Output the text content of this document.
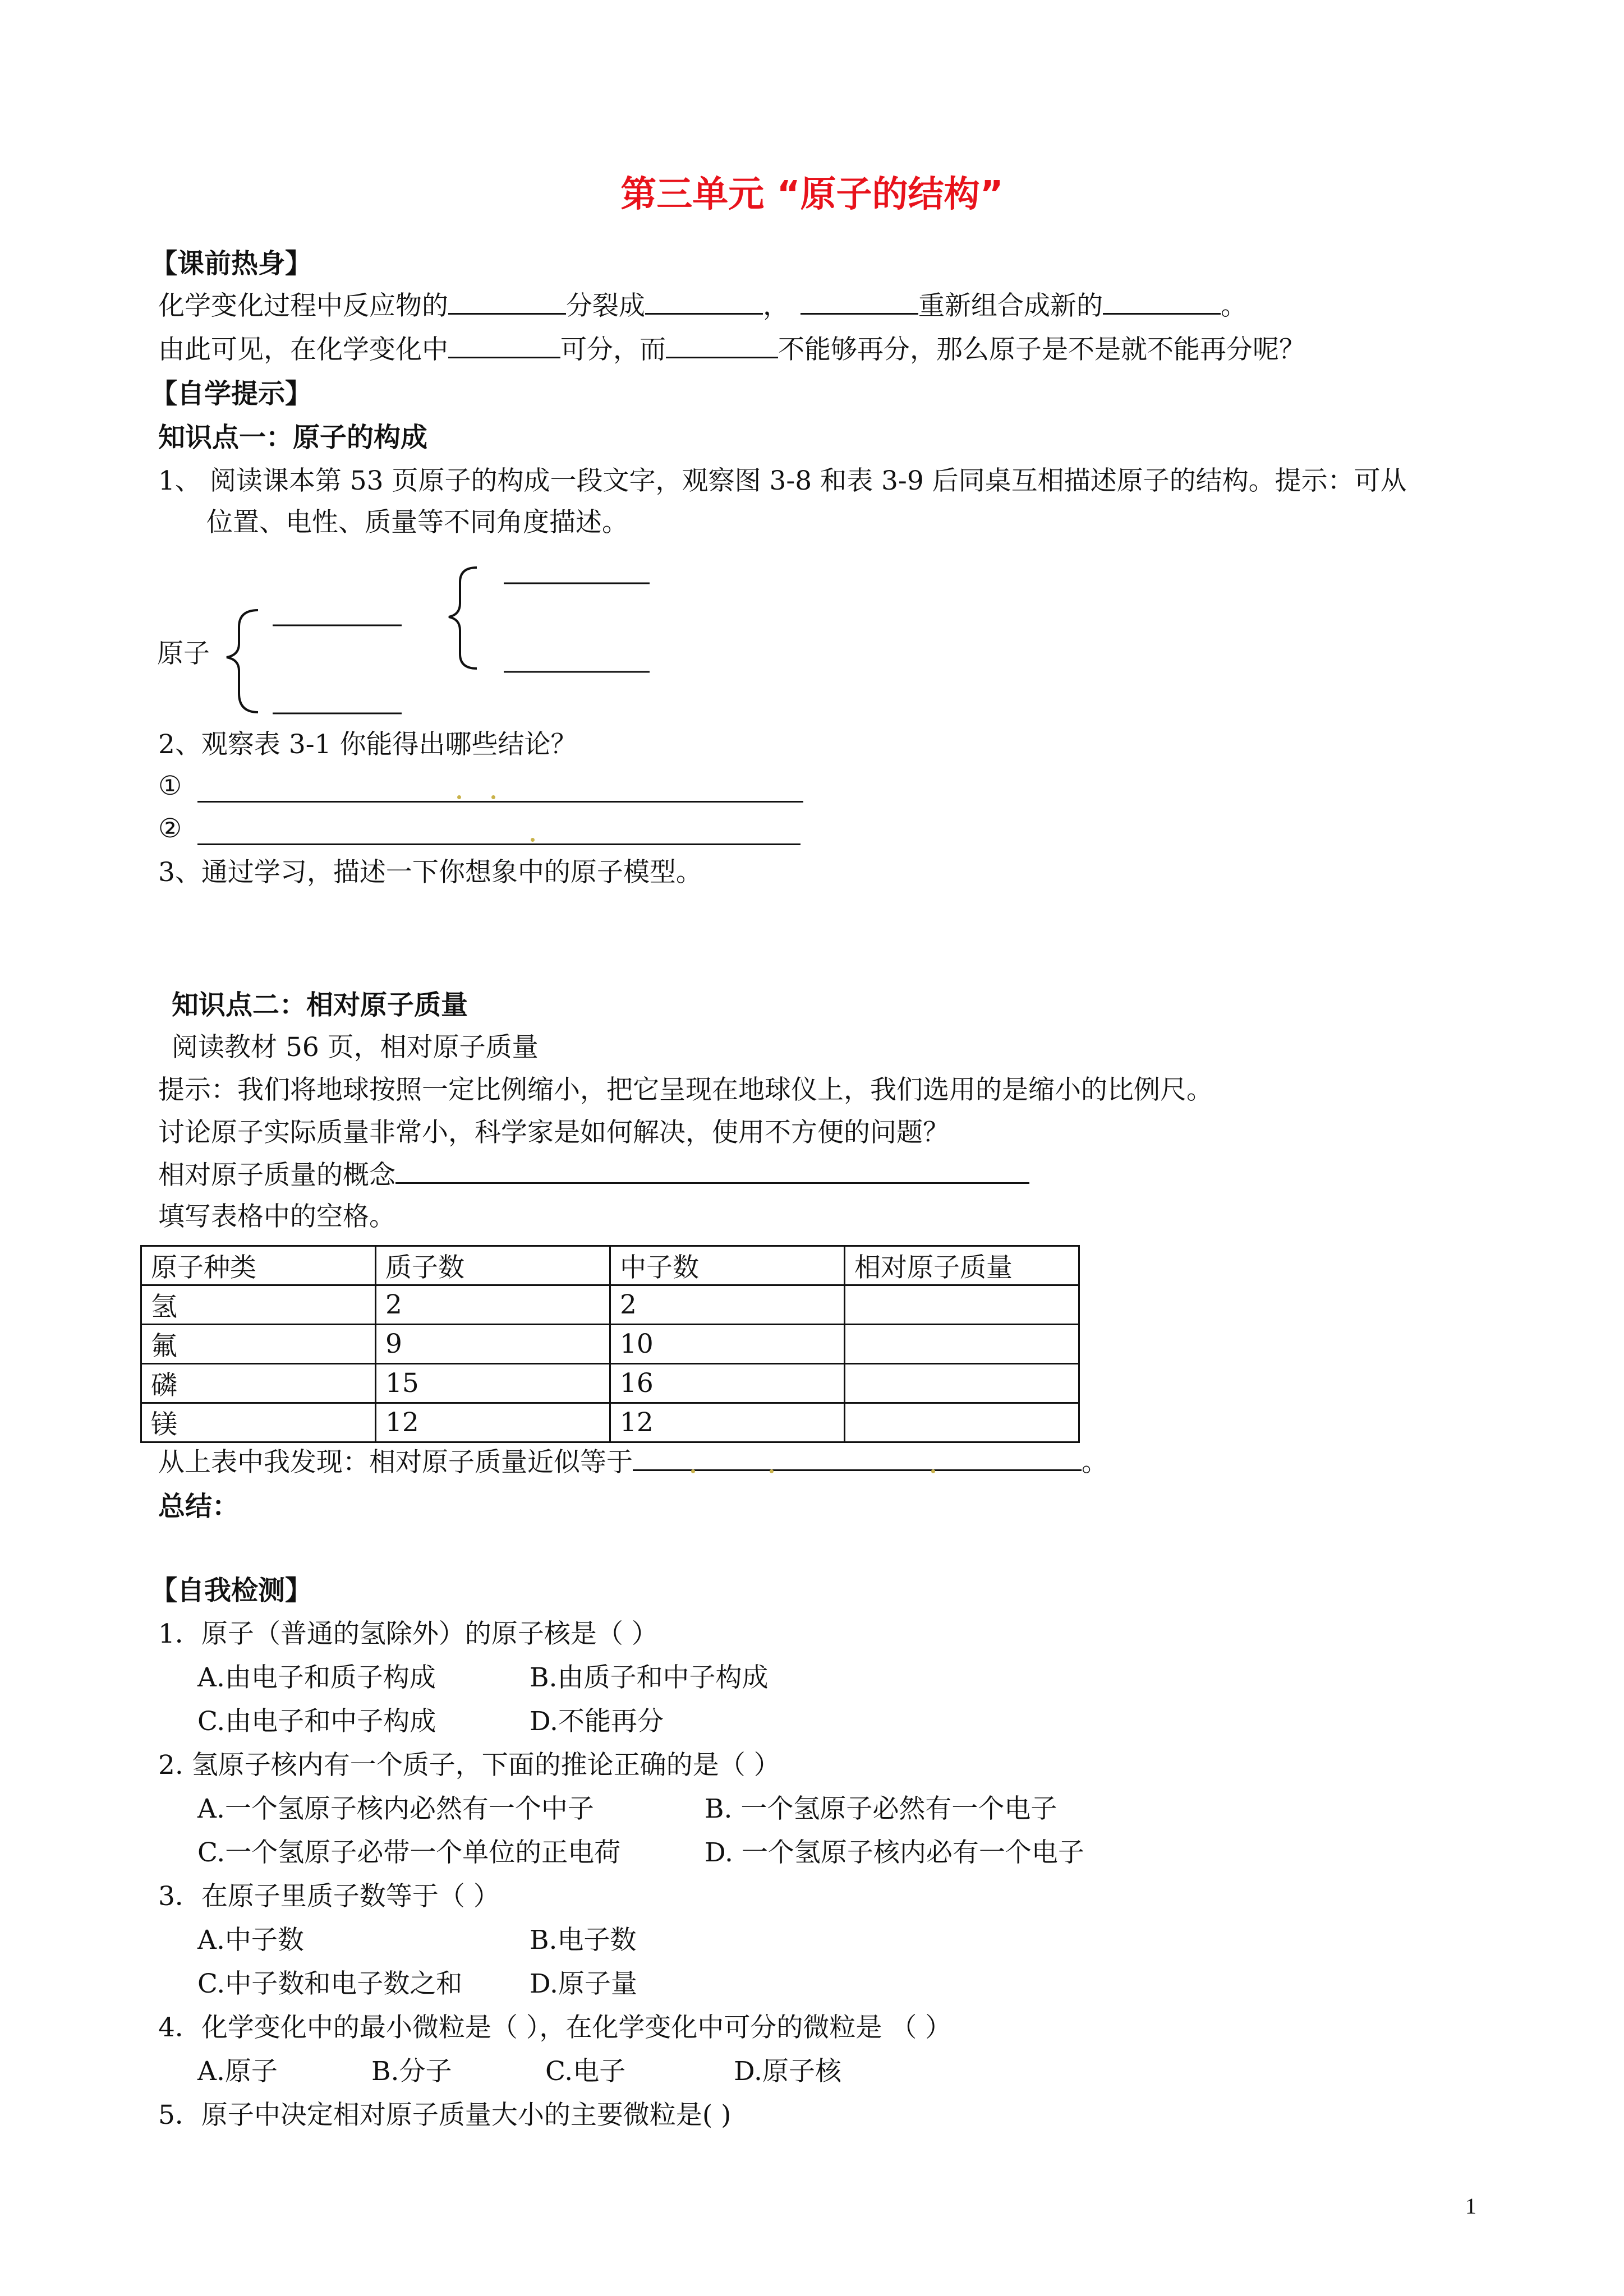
第三单元 “原子的结构”
【课前热身】
化学变化过程中反应物的	分裂成	，	重新组合成新的	。
由此可见，在化学变化中	可分，而	不能够再分，那么原子是不是就不能再分呢？
【自学提示】
知识点一：原子的构成
1、 阅读课本第 53 页原子的构成一段文字，观察图 3-8 和表 3-9 后同桌互相描述原子的结构。提示：可从
位置、电性、质量等不同角度描述。
原子
2、观察表 3-1 你能得出哪些结论？
①
②
3、通过学习，描述一下你想象中的原子模型。
知识点二：相对原子质量
阅读教材 56 页，相对原子质量
提示：我们将地球按照一定比例缩小，把它呈现在地球仪上，我们选用的是缩小的比例尺。
讨论原子实际质量非常小，科学家是如何解决，使用不方便的问题？
相对原子质量的概念
填写表格中的空格。
原子种类	质子数	中子数	相对原子质量
氢	2	2	
氟	9	10	
磷	15	16	
镁	12	12	
从上表中我发现：相对原子质量近似等于	。
总结：
【自我检测】
1．原子（普通的氢除外）的原子核是（ ）
A.由电子和质子构成	B.由质子和中子构成
C.由电子和中子构成	D.不能再分
2. 氢原子核内有一个质子，下面的推论正确的是（ ）
A.一个氢原子核内必然有一个中子	B. 一个氢原子必然有一个电子
C.一个氢原子必带一个单位的正电荷	D. 一个氢原子核内必有一个电子
3．在原子里质子数等于（ ）
A.中子数	B.电子数
C.中子数和电子数之和	D.原子量
4．化学变化中的最小微粒是（ ），在化学变化中可分的微粒是 （ ）
A.原子	B.分子	C.电子	D.原子核
5．原子中决定相对原子质量大小的主要微粒是( )
1
